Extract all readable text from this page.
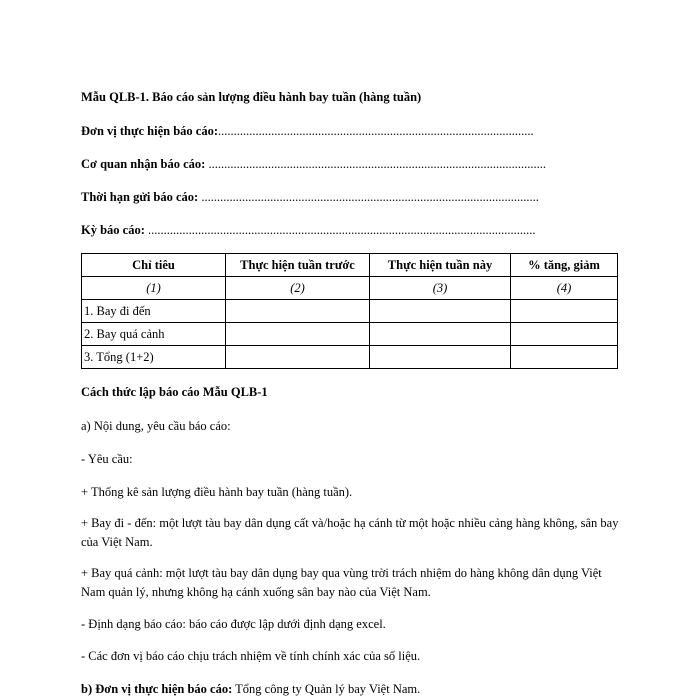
Mẫu QLB-1. Báo cáo sản lượng điều hành bay tuần (hàng tuần)
Đơn vị thực hiện báo cáo:.....................................................................................................
Cơ quan nhận báo cáo: ............................................................................................................
Thời hạn gửi báo cáo: ............................................................................................................
Kỳ báo cáo: ............................................................................................................................
Chỉ tiêu	Thực hiện tuần trước	Thực hiện tuần này	% tăng, giảm
(1)	(2)	(3)	(4)
1. Bay đi đến			
2. Bay quá cảnh			
3. Tổng (1+2)			
Cách thức lập báo cáo Mẫu QLB-1
a) Nội dung, yêu cầu báo cáo:
- Yêu cầu:
+ Thống kê sản lượng điều hành bay tuần (hàng tuần).
+ Bay đi - đến: một lượt tàu bay dân dụng cất và/hoặc hạ cánh từ một hoặc nhiều cảng hàng không, sân bay của Việt Nam.
+ Bay quá cảnh: một lượt tàu bay dân dụng bay qua vùng trời trách nhiệm do hàng không dân dụng Việt Nam quản lý, nhưng không hạ cánh xuống sân bay nào của Việt Nam.
- Định dạng báo cáo: báo cáo được lập dưới định dạng excel.
- Các đơn vị báo cáo chịu trách nhiệm về tính chính xác của số liệu.
b) Đơn vị thực hiện báo cáo: Tổng công ty Quản lý bay Việt Nam.
